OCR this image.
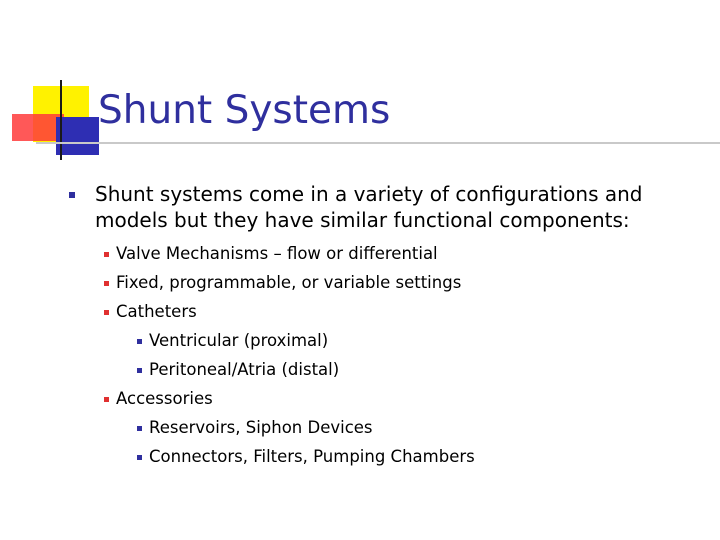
Shunt Systems
Shunt systems come in a variety of configurations and models but they have similar functional components:
Valve Mechanisms – flow or differential
Fixed, programmable, or variable settings
Catheters
Ventricular (proximal)
Peritoneal/Atria (distal)
Accessories
Reservoirs, Siphon Devices
Connectors, Filters, Pumping Chambers
